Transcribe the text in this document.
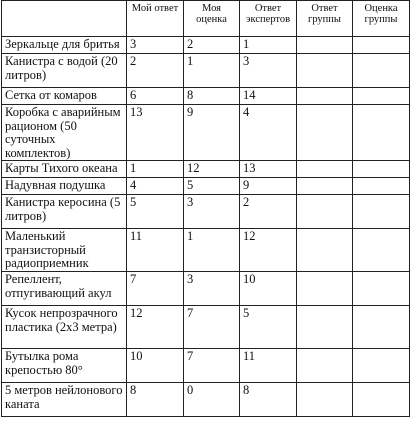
	Мой ответ	Моя оценка	Ответ экспертов	Ответ группы	Оценка группы
Зеркальце для бритья	3	2	1		
Канистра с водой (20 литров)	2	1	3		
Сетка от комаров	6	8	14		
Коробка с аварийным рационом (50 суточных комплектов)	13	9	4		
Карты Тихого океана	1	12	13		
Надувная подушка	4	5	9		
Канистра керосина (5 литров)	5	3	2		
Маленький транзисторный радиоприемник	11	1	12		
Репеллент, отпугивающий акул	7	3	10		
Кусок непрозрачного пластика (2x3 метра)	12	7	5		
Бутылка рома крепостью 80°	10	7	11		
5 метров нейлонового каната	8	0	8		
